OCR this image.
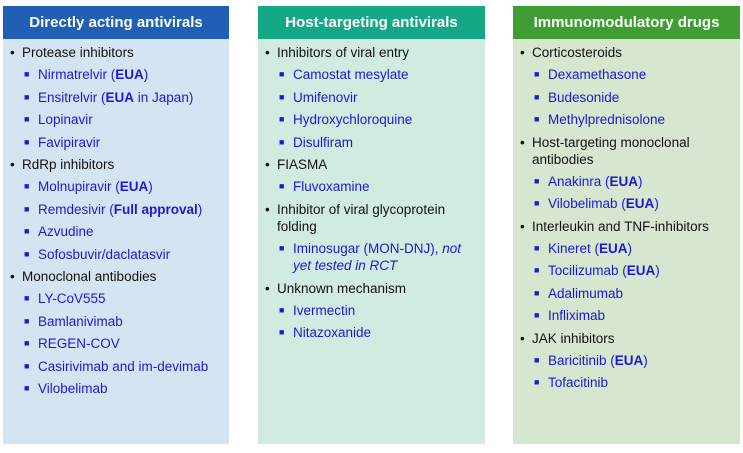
Directly acting antivirals
• Protease inhibitors
■ Nirmatrelvir (EUA)
■ Ensitrelvir (EUA in Japan)
■ Lopinavir
■ Favipiravir
• RdRp inhibitors
■ Molnupiravir (EUA)
■ Remdesivir (Full approval)
■ Azvudine
■ Sofosbuvir/daclatasvir
• Monoclonal antibodies
■ LY-CoV555
■ Bamlanivimab
■ REGEN-COV
■ Casirivimab and im-devimab
■ Vilobelimab
Host-targeting antivirals
• Inhibitors of viral entry
■ Camostat mesylate
■ Umifenovir
■ Hydroxychloroquine
■ Disulfiram
• FIASMA
■ Fluvoxamine
• Inhibitor of viral glycoprotein folding
■ Iminosugar (MON-DNJ), not yet tested in RCT
• Unknown mechanism
■ Ivermectin
■ Nitazoxanide
Immunomodulatory drugs
• Corticosteroids
■ Dexamethasone
■ Budesonide
■ Methylprednisolone
• Host-targeting monoclonal antibodies
■ Anakinra (EUA)
■ Vilobelimab (EUA)
• Interleukin and TNF-inhibitors
■ Kineret (EUA)
■ Tocilizumab (EUA)
■ Adalimumab
■ Infliximab
• JAK inhibitors
■ Baricitinib (EUA)
■ Tofacitinib
